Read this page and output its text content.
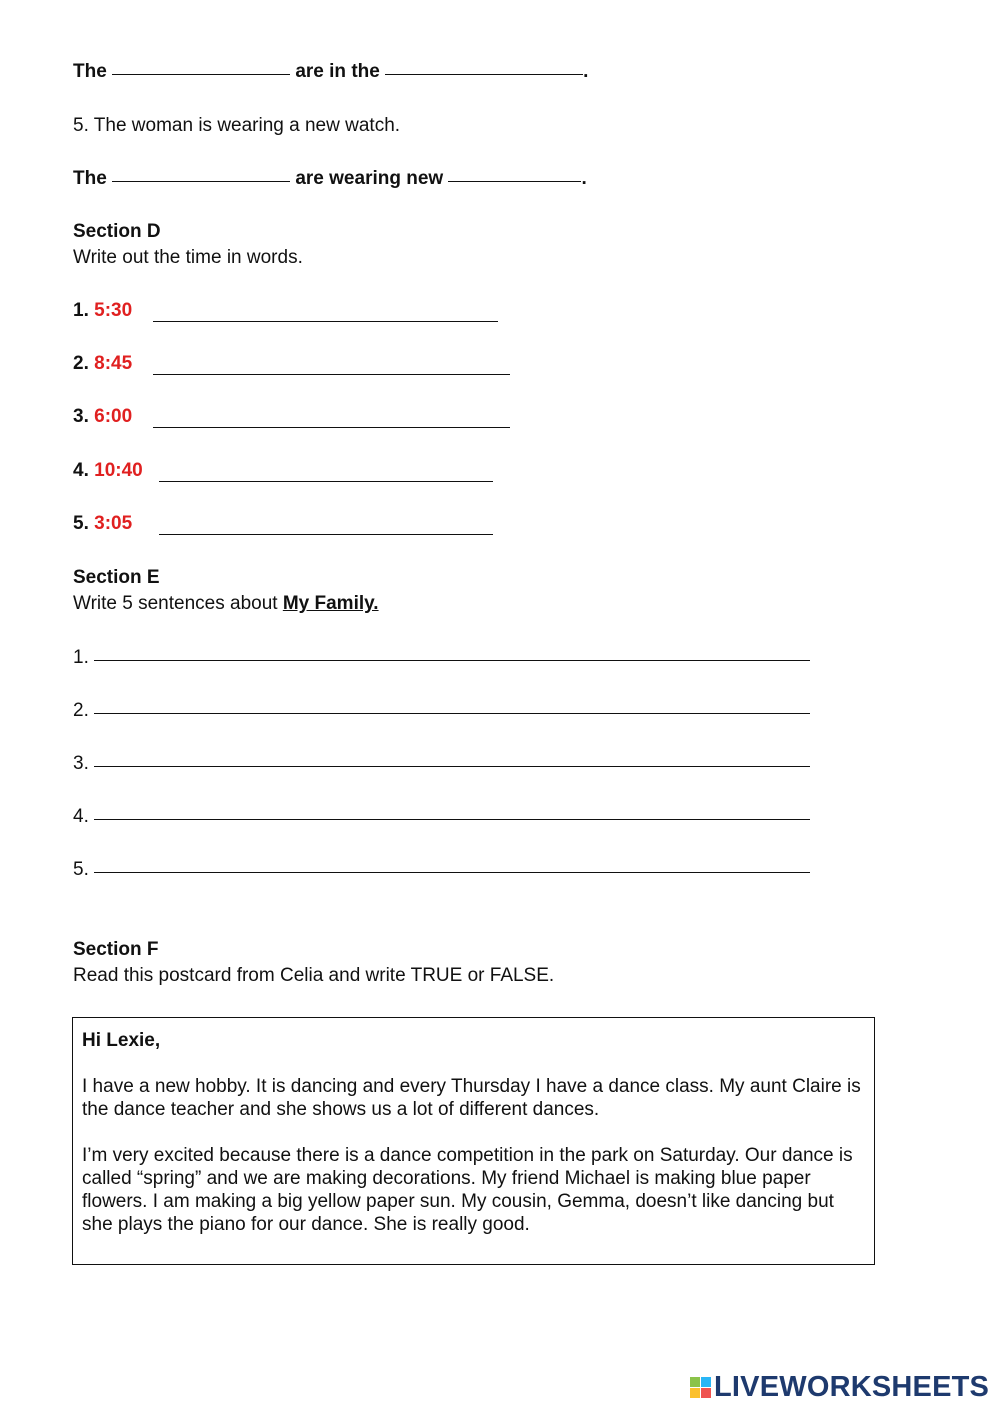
The	are in the	.
5. The woman is wearing a new watch.
The	are wearing new	.
Section D
Write out the time in words.
1. 5:30
2. 8:45
3. 6:00
4. 10:40
5. 3:05
Section E
Write 5 sentences about My Family.
1.
2.
3.
4.
5.
Section F
Read this postcard from Celia and write TRUE or FALSE.
Hi Lexie,

I have a new hobby. It is dancing and every Thursday I have a dance class. My aunt Claire is the dance teacher and she shows us a lot of different dances.

I’m very excited because there is a dance competition in the park on Saturday. Our dance is called “spring” and we are making decorations. My friend Michael is making blue paper flowers. I am making a big yellow paper sun. My cousin, Gemma, doesn’t like dancing but she plays the piano for our dance. She is really good.

LIVEWORKSHEETS
